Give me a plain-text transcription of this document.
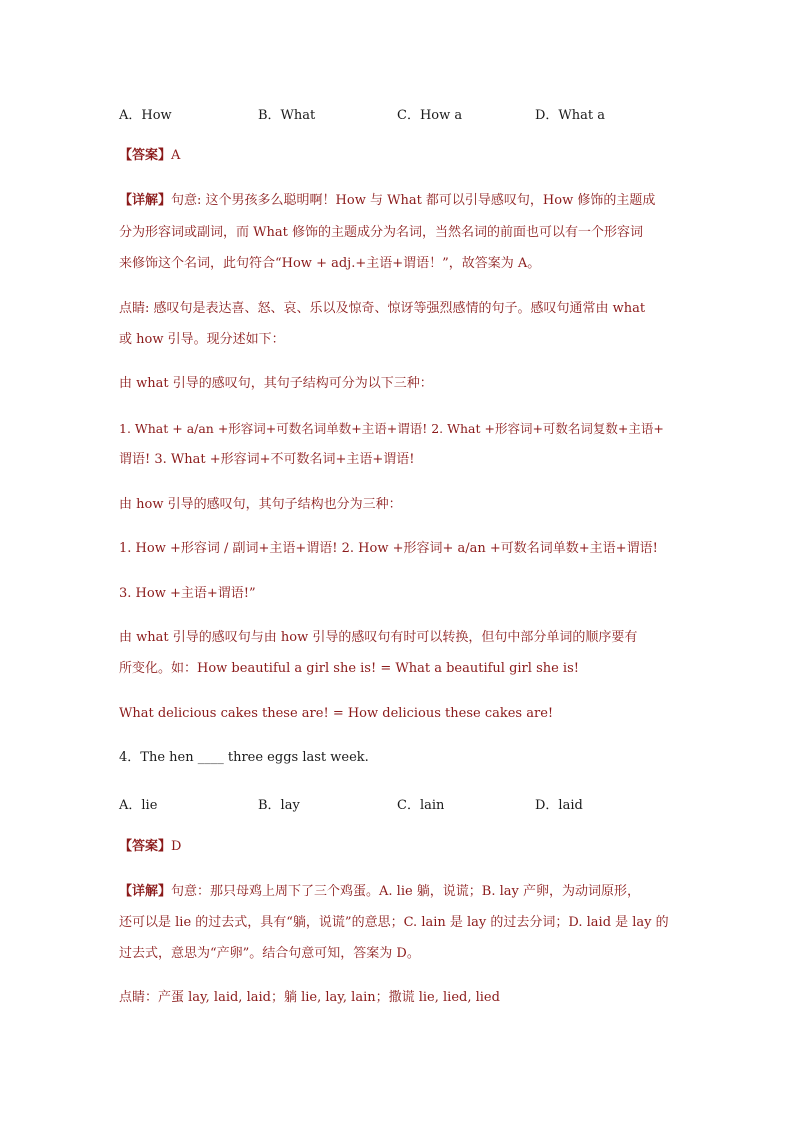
A．How	B．What	C．How a	D．What a
【答案】A
【详解】句意: 这个男孩多么聪明啊！How 与 What 都可以引导感叹句，How 修饰的主题成
分为形容词或副词，而 What 修饰的主题成分为名词，当然名词的前面也可以有一个形容词
来修饰这个名词，此句符合“How + adj.+主语+谓语！”，故答案为 A。
点睛: 感叹句是表达喜、怒、哀、乐以及惊奇、惊讶等强烈感情的句子。感叹句通常由 what
或 how 引导。现分述如下：
由 what 引导的感叹句，其句子结构可分为以下三种：
1. What + a/an +形容词+可数名词单数+主语+谓语! 2. What +形容词+可数名词复数+主语+
谓语! 3. What +形容词+不可数名词+主语+谓语!
由 how 引导的感叹句，其句子结构也分为三种：
1. How +形容词 / 副词+主语+谓语! 2. How +形容词+ a/an +可数名词单数+主语+谓语!
3. How +主语+谓语!”
由 what 引导的感叹句与由 how 引导的感叹句有时可以转换，但句中部分单词的顺序要有
所变化。如：How beautiful a girl she is! = What a beautiful girl she is!
What delicious cakes these are! = How delicious these cakes are!
4．The hen ____ three eggs last week.
A．lie	B．lay	C．lain	D．laid
【答案】D
【详解】句意：那只母鸡上周下了三个鸡蛋。A. lie 躺，说谎；B. lay 产卵，为动词原形，
还可以是 lie 的过去式，具有“躺，说谎”的意思；C. lain 是 lay 的过去分词；D. laid 是 lay 的
过去式，意思为“产卵”。结合句意可知，答案为 D。
点睛：产蛋 lay, laid, laid；躺 lie, lay, lain；撒谎 lie, lied, lied
